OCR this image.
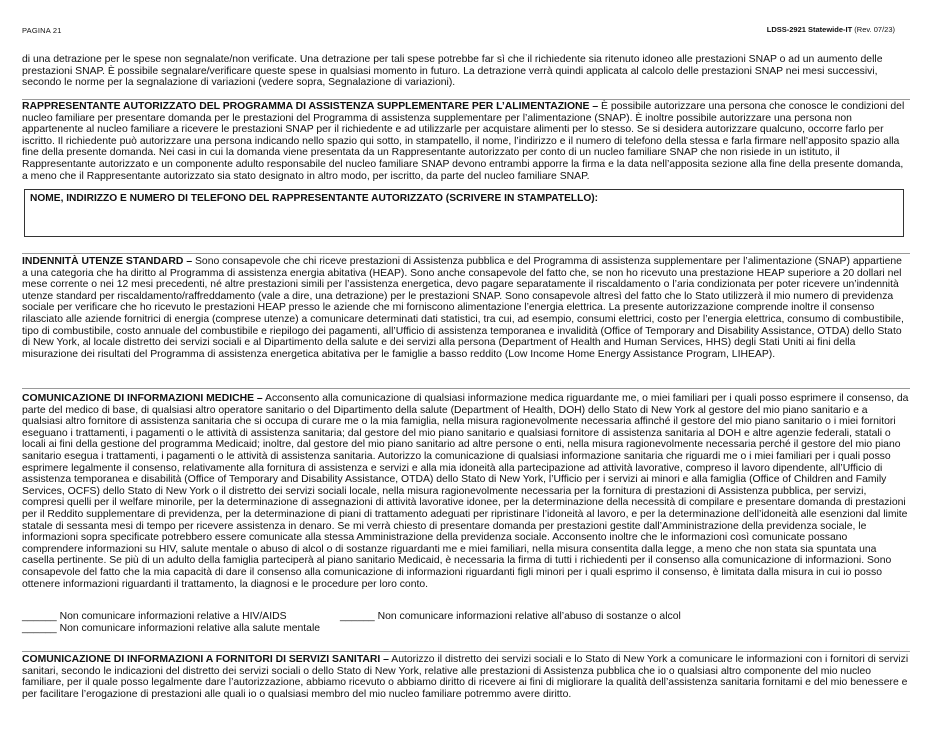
PAGINA 21	LDSS-2921 Statewide-IT (Rev. 07/23)
di una detrazione per le spese non segnalate/non verificate. Una detrazione per tali spese potrebbe far sì che il richiedente sia ritenuto idoneo alle prestazioni SNAP o ad un aumento delle prestazioni SNAP. È possibile segnalare/verificare queste spese in qualsiasi momento in futuro. La detrazione verrà quindi applicata al calcolo delle prestazioni SNAP nei mesi successivi, secondo le norme per la segnalazione di variazioni (vedere sopra, Segnalazione di variazioni).
RAPPRESENTANTE AUTORIZZATO DEL PROGRAMMA DI ASSISTENZA SUPPLEMENTARE PER L’ALIMENTAZIONE – È possibile autorizzare una persona che conosce le condizioni del nucleo familiare per presentare domanda per le prestazioni del Programma di assistenza supplementare per l’alimentazione (SNAP). È inoltre possibile autorizzare una persona non appartenente al nucleo familiare a ricevere le prestazioni SNAP per il richiedente e ad utilizzarle per acquistare alimenti per lo stesso. Se si desidera autorizzare qualcuno, occorre farlo per iscritto. Il richiedente può autorizzare una persona indicando nello spazio qui sotto, in stampatello, il nome, l’indirizzo e il numero di telefono della stessa e farla firmare nell’apposito spazio alla fine della presente domanda. Nei casi in cui la domanda viene presentata da un Rappresentante autorizzato per conto di un nucleo familiare SNAP che non risiede in un istituto, il Rappresentante autorizzato e un componente adulto responsabile del nucleo familiare SNAP devono entrambi apporre la firma e la data nell’apposita sezione alla fine della presente domanda, a meno che il Rappresentante autorizzato sia stato designato in altro modo, per iscritto, da parte del nucleo familiare SNAP.
NOME, INDIRIZZO E NUMERO DI TELEFONO DEL RAPPRESENTANTE AUTORIZZATO (SCRIVERE IN STAMPATELLO):
INDENNITÀ UTENZE STANDARD – Sono consapevole che chi riceve prestazioni di Assistenza pubblica e del Programma di assistenza supplementare per l’alimentazione (SNAP) appartiene a una categoria che ha diritto al Programma di assistenza energia abitativa (HEAP). Sono anche consapevole del fatto che, se non ho ricevuto una prestazione HEAP superiore a 20 dollari nel mese corrente o nei 12 mesi precedenti, né altre prestazioni simili per l’assistenza energetica, devo pagare separatamente il riscaldamento o l’aria condizionata per poter ricevere un’indennità utenze standard per riscaldamento/raffreddamento (vale a dire, una detrazione) per le prestazioni SNAP. Sono consapevole altresì del fatto che lo Stato utilizzerà il mio numero di previdenza sociale per verificare che ho ricevuto le prestazioni HEAP presso le aziende che mi forniscono alimentazione l’energia elettrica. La presente autorizzazione comprende inoltre il consenso rilasciato alle aziende fornitrici di energia (comprese utenze) a comunicare determinati dati statistici, tra cui, ad esempio, consumi elettrici, costo per l’energia elettrica, consumo di combustibile, tipo di combustibile, costo annuale del combustibile e riepilogo dei pagamenti, all’Ufficio di assistenza temporanea e invalidità (Office of Temporary and Disability Assistance, OTDA) dello Stato di New York, al locale distretto dei servizi sociali e al Dipartimento della salute e dei servizi alla persona (Department of Health and Human Services, HHS) degli Stati Uniti ai fini della misurazione dei risultati del Programma di assistenza energetica abitativa per le famiglie a basso reddito (Low Income Home Energy Assistance Program, LIHEAP).
COMUNICAZIONE DI INFORMAZIONI MEDICHE – Acconsento alla comunicazione di qualsiasi informazione medica riguardante me, o miei familiari per i quali posso esprimere il consenso, da parte del medico di base, di qualsiasi altro operatore sanitario o del Dipartimento della salute (Department of Health, DOH) dello Stato di New York al gestore del mio piano sanitario e a qualsiasi altro fornitore di assistenza sanitaria che si occupa di curare me o la mia famiglia, nella misura ragionevolmente necessaria affinché il gestore del mio piano sanitario o i miei fornitori eseguano i trattamenti, i pagamenti o le attività di assistenza sanitaria; dal gestore del mio piano sanitario e qualsiasi fornitore di assistenza sanitaria al DOH e altre agenzie federali, statali o locali ai fini della gestione del programma Medicaid; inoltre, dal gestore del mio piano sanitario ad altre persone o enti, nella misura ragionevolmente necessaria perché il gestore del mio piano sanitario esegua i trattamenti, i pagamenti o le attività di assistenza sanitaria. Autorizzo la comunicazione di qualsiasi informazione sanitaria che riguardi me o i miei familiari per i quali posso esprimere legalmente il consenso, relativamente alla fornitura di assistenza e servizi e alla mia idoneità alla partecipazione ad attività lavorative, compreso il lavoro dipendente, all’Ufficio di assistenza temporanea e disabilità (Office of Temporary and Disability Assistance, OTDA) dello Stato di New York, l’Ufficio per i servizi ai minori e alla famiglia (Office of Children and Family Services, OCFS) dello Stato di New York o il distretto dei servizi sociali locale, nella misura ragionevolmente necessaria per la fornitura di prestazioni di Assistenza pubblica, per servizi, compresi quelli per il welfare minorile, per la determinazione di assegnazioni di attività lavorative idonee, per la determinazione della necessità di compilare e presentare domanda di prestazioni per il Reddito supplementare di previdenza, per la determinazione di piani di trattamento adeguati per ripristinare l’idoneità al lavoro, e per la determinazione dell’idoneità alle esenzioni dal limite statale di sessanta mesi di tempo per ricevere assistenza in denaro. Se mi verrà chiesto di presentare domanda per prestazioni gestite dall’Amministrazione della previdenza sociale, le informazioni sopra specificate potrebbero essere comunicate alla stessa Amministrazione della previdenza sociale. Acconsento inoltre che le informazioni così comunicate possano comprendere informazioni su HIV, salute mentale o abuso di alcol o di sostanze riguardanti me e miei familiari, nella misura consentita dalla legge, a meno che non stata sia spuntata una casella pertinente. Se più di un adulto della famiglia parteciperà al piano sanitario Medicaid, è necessaria la firma di tutti i richiedenti per il consenso alla comunicazione di informazioni. Sono consapevole del fatto che la mia capacità di dare il consenso alla comunicazione di informazioni riguardanti figli minori per i quali esprimo il consenso, è limitata dalla misura in cui io posso ottenere informazioni riguardanti il trattamento, la diagnosi e le procedure per loro conto.
______ Non comunicare informazioni relative a HIV/AIDS	______ Non comunicare informazioni relative all’abuso di sostanze o alcol
______ Non comunicare informazioni relative alla salute mentale
COMUNICAZIONE DI INFORMAZIONI A FORNITORI DI SERVIZI SANITARI – Autorizzo il distretto dei servizi sociali e lo Stato di New York a comunicare le informazioni con i fornitori di servizi sanitari, secondo le indicazioni del distretto dei servizi sociali o dello Stato di New York, relative alle prestazioni di Assistenza pubblica che io o qualsiasi altro componente del mio nucleo familiare, per il quale posso legalmente dare l’autorizzazione, abbiamo ricevuto o abbiamo diritto di ricevere ai fini di migliorare la qualità dell’assistenza sanitaria fornitami e del mio benessere e per facilitare l’erogazione di prestazioni alle quali io o qualsiasi membro del mio nucleo familiare potremmo avere diritto.
